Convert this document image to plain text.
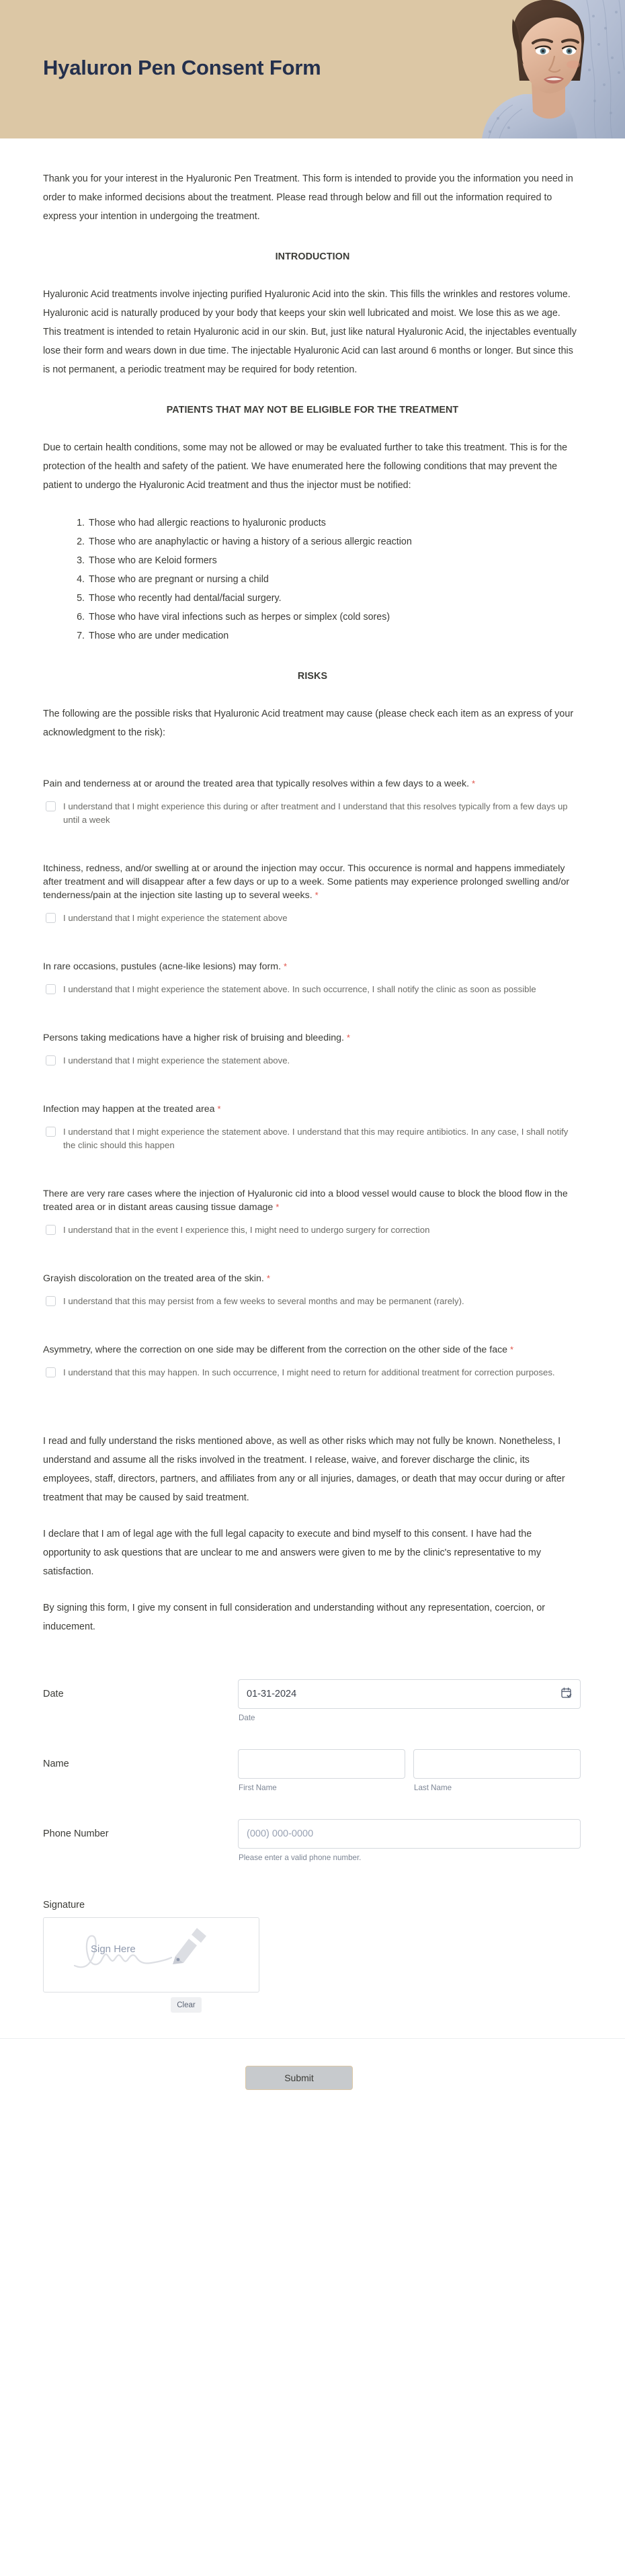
Hyaluron Pen Consent Form

Thank you for your interest in the Hyaluronic Pen Treatment. This form is intended to provide you the information you need in order to make informed decisions about the treatment. Please read through below and fill out the information required to express your intention in undergoing the treatment.

INTRODUCTION

Hyaluronic Acid treatments involve injecting purified Hyaluronic Acid into the skin. This fills the wrinkles and restores volume. Hyaluronic acid is naturally produced by your body that keeps your skin well lubricated and moist. We lose this as we age. This treatment is intended to retain Hyaluronic acid in our skin. But, just like natural Hyaluronic Acid, the injectables eventually lose their form and wears down in due time. The injectable Hyaluronic Acid can last around 6 months or longer. But since this is not permanent, a periodic treatment may be required for body retention.

PATIENTS THAT MAY NOT BE ELIGIBLE FOR THE TREATMENT

Due to certain health conditions, some may not be allowed or may be evaluated further to take this treatment. This is for the protection of the health and safety of the patient. We have enumerated here the following conditions that may prevent the patient to undergo the Hyaluronic Acid treatment and thus the injector must be notified:

1. Those who had allergic reactions to hyaluronic products
2. Those who are anaphylactic or having a history of a serious allergic reaction
3. Those who are Keloid formers
4. Those who are pregnant or nursing a child
5. Those who recently had dental/facial surgery.
6. Those who have viral infections such as herpes or simplex (cold sores)
7. Those who are under medication
RISKS

The following are the possible risks that Hyaluronic Acid treatment may cause (please check each item as an express of your acknowledgment to the risk):

Pain and tenderness at or around the treated area that typically resolves within a few days to a week. *
I understand that I might experience this during or after treatment and I understand that this resolves typically from a few days up until a week
Itchiness, redness, and/or swelling at or around the injection may occur. This occurence is normal and happens immediately after treatment and will disappear after a few days or up to a week. Some patients may experience prolonged swelling and/or tenderness/pain at the injection site lasting up to several weeks. *
I understand that I might experience the statement above
In rare occasions, pustules (acne-like lesions) may form. *
I understand that I might experience the statement above. In such occurrence, I shall notify the clinic as soon as possible
Persons taking medications have a higher risk of bruising and bleeding. *
I understand that I might experience the statement above.
Infection may happen at the treated area *
I understand that I might experience the statement above. I understand that this may require antibiotics. In any case, I shall notify the clinic should this happen
There are very rare cases where the injection of Hyaluronic cid into a blood vessel would cause to block the blood flow in the treated area or in distant areas causing tissue damage *
I understand that in the event I experience this, I might need to undergo surgery for correction
Grayish discoloration on the treated area of the skin. *
I understand that this may persist from a few weeks to several months and may be permanent (rarely).
Asymmetry, where the correction on one side may be different from the correction on the other side of the face *
I understand that this may happen. In such occurrence, I might need to return for additional treatment for correction purposes.

I read and fully understand the risks mentioned above, as well as other risks which may not fully be known. Nonetheless, I understand and assume all the risks involved in the treatment. I release, waive, and forever discharge the clinic, its employees, staff, directors, partners, and affiliates from any or all injuries, damages, or death that may occur during or after treatment that may be caused by said treatment.

I declare that I am of legal age with the full legal capacity to execute and bind myself to this consent. I have had the opportunity to ask questions that are unclear to me and answers were given to me by the clinic's representative to my satisfaction.

By signing this form, I give my consent in full consideration and understanding without any representation, coercion, or inducement.

Date	01-31-2024
Date
Name
First Name	Last Name
Phone Number	(000) 000-0000
Please enter a valid phone number.
Signature
Sign Here
Clear
Submit
